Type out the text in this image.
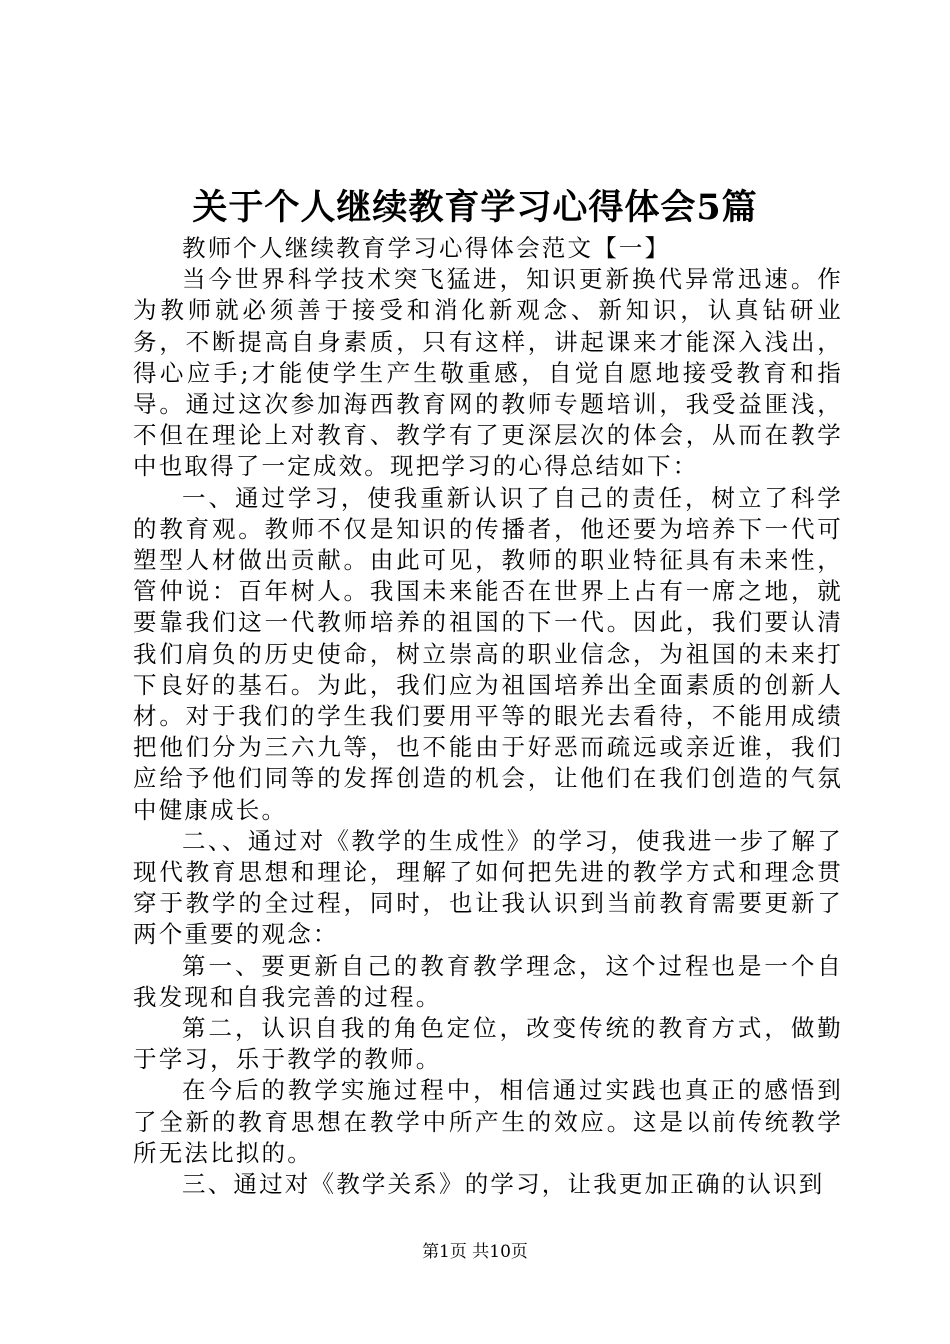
关于个人继续教育学习心得体会5篇

教师个人继续教育学习心得体会范文【一】

当今世界科学技术突飞猛进，知识更新换代异常迅速。作为教师就必须善于接受和消化新观念、新知识，认真钻研业务，不断提高自身素质，只有这样，讲起课来才能深入浅出，得心应手;才能使学生产生敬重感，自觉自愿地接受教育和指导。通过这次参加海西教育网的教师专题培训，我受益匪浅，不但在理论上对教育、教学有了更深层次的体会，从而在教学中也取得了一定成效。现把学习的心得总结如下：

一、通过学习，使我重新认识了自己的责任，树立了科学的教育观。教师不仅是知识的传播者，他还要为培养下一代可塑型人材做出贡献。由此可见，教师的职业特征具有未来性，管仲说：百年树人。我国未来能否在世界上占有一席之地，就要靠我们这一代教师培养的祖国的下一代。因此，我们要认清我们肩负的历史使命，树立崇高的职业信念，为祖国的未来打下良好的基石。为此，我们应为祖国培养出全面素质的创新人材。对于我们的学生我们要用平等的眼光去看待，不能用成绩把他们分为三六九等，也不能由于好恶而疏远或亲近谁，我们应给予他们同等的发挥创造的机会，让他们在我们创造的气氛中健康成长。

二、、通过对《教学的生成性》的学习，使我进一步了解了现代教育思想和理论，理解了如何把先进的教学方式和理念贯穿于教学的全过程，同时，也让我认识到当前教育需要更新了两个重要的观念：

第一、要更新自己的教育教学理念，这个过程也是一个自我发现和自我完善的过程。

第二，认识自我的角色定位，改变传统的教育方式，做勤于学习，乐于教学的教师。

在今后的教学实施过程中，相信通过实践也真正的感悟到了全新的教育思想在教学中所产生的效应。这是以前传统教学所无法比拟的。

三、通过对《教学关系》的学习，让我更加正确的认识到

第1页 共10页
